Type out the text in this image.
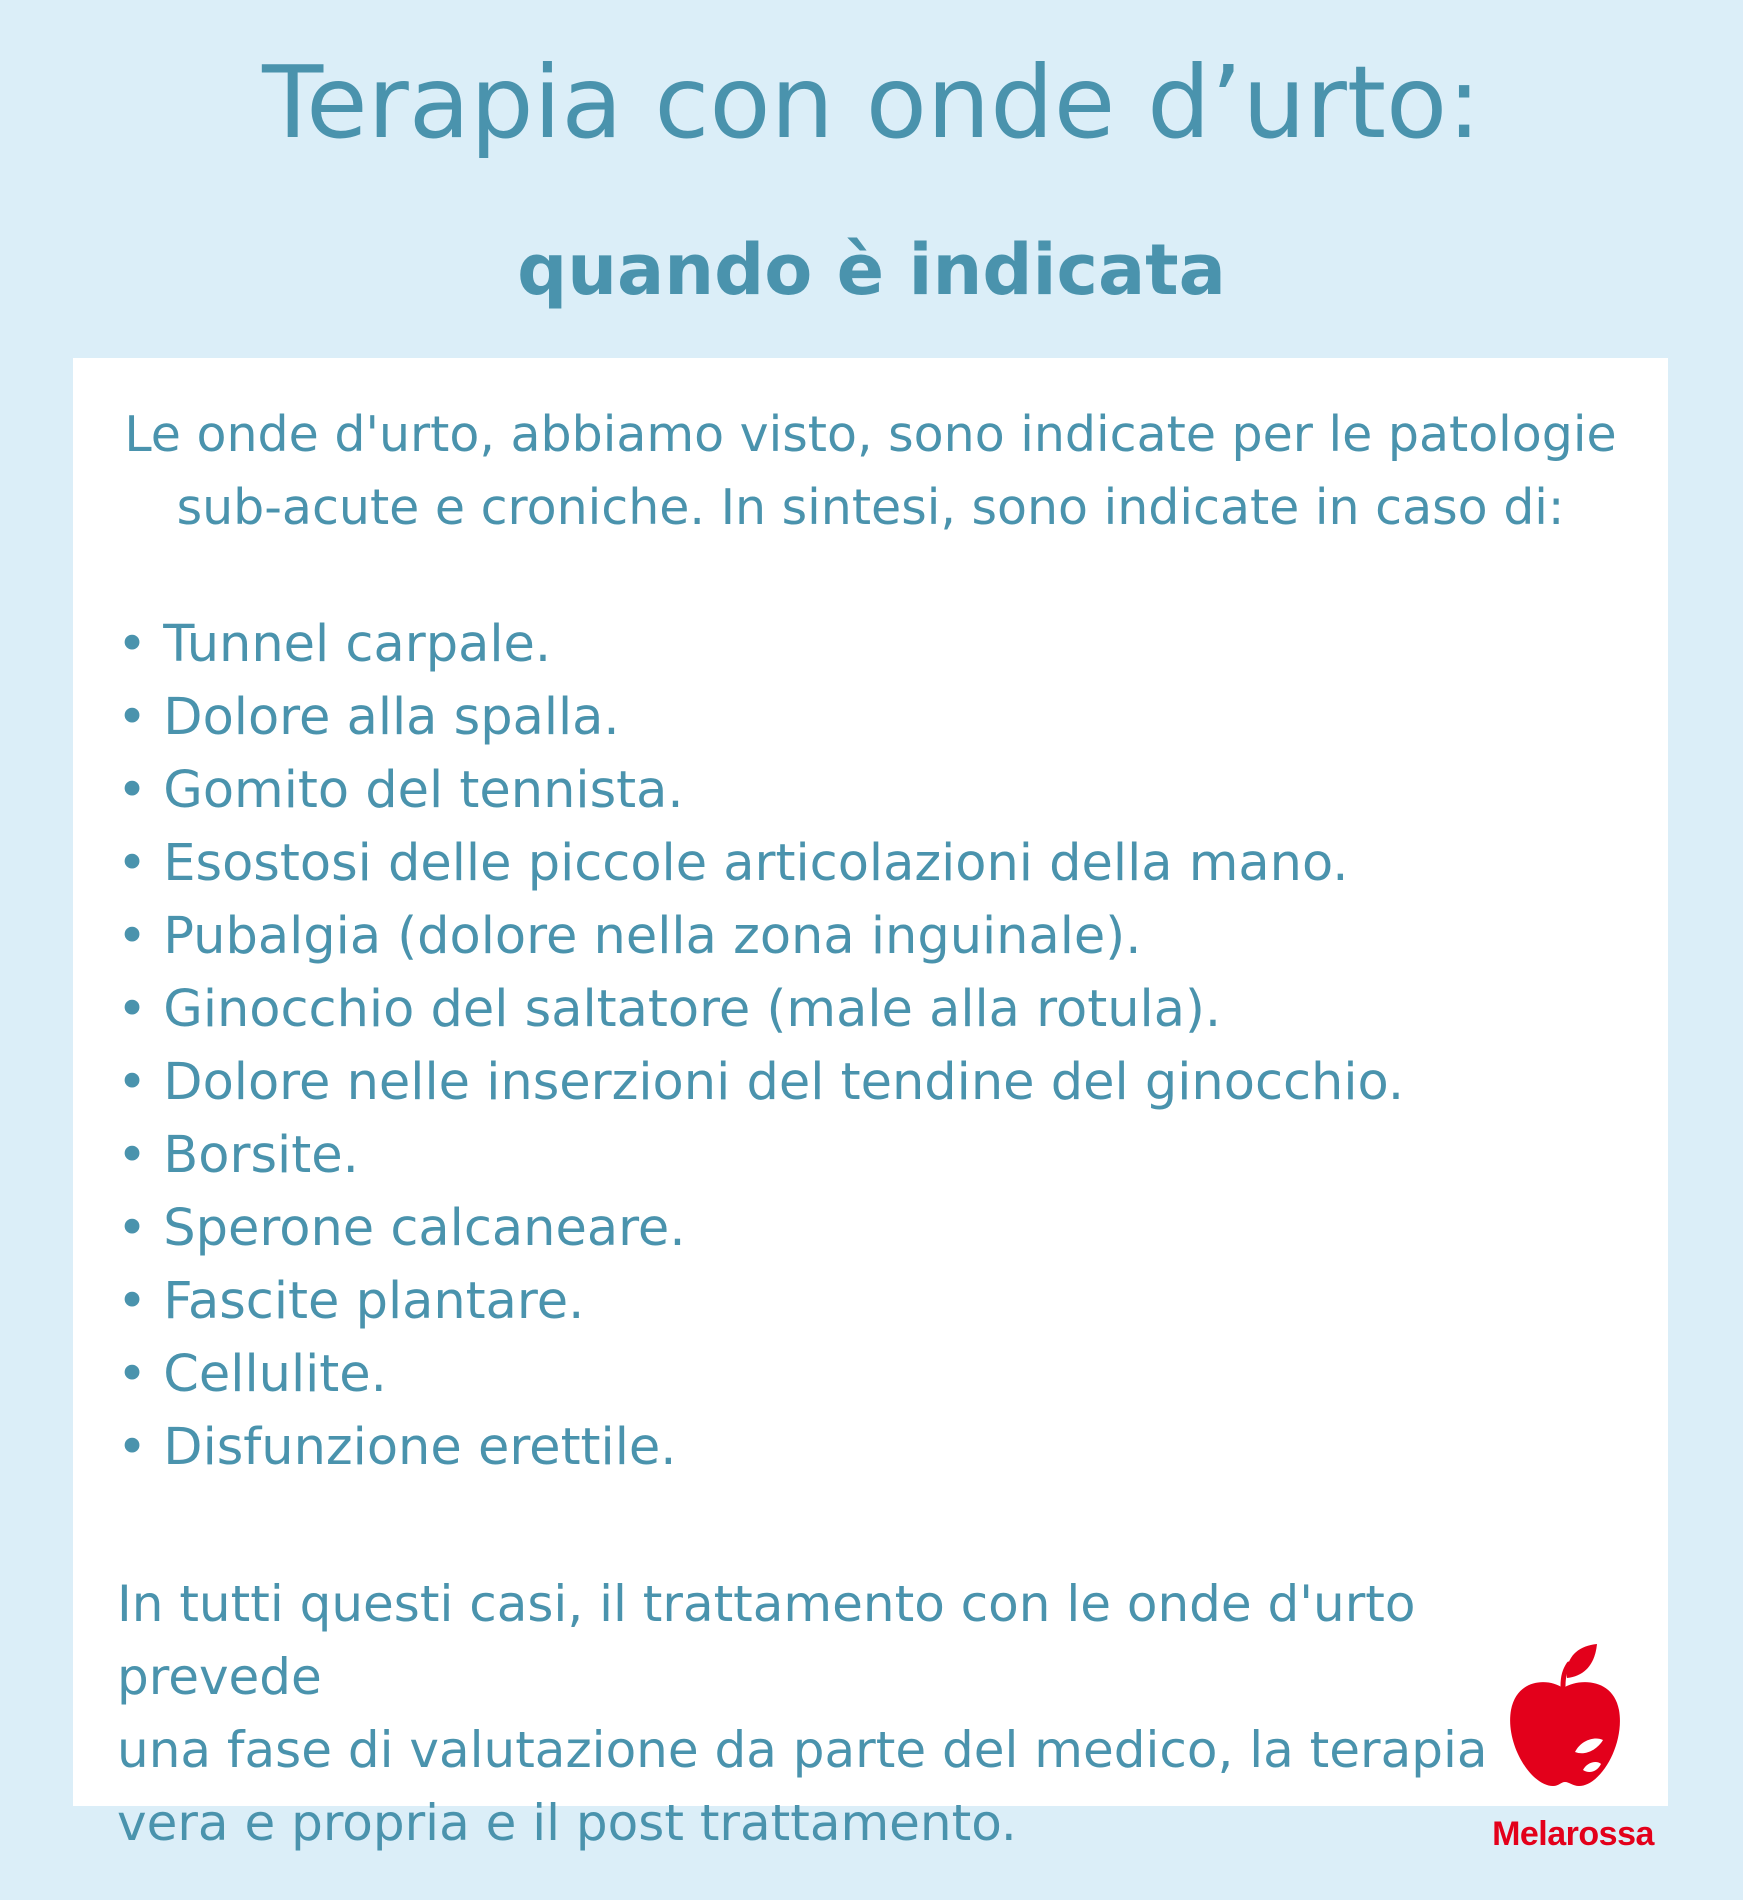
Terapia con onde d’urto:
quando è indicata

Le onde d'urto, abbiamo visto, sono indicate per le patologie
sub-acute e croniche. In sintesi, sono indicate in caso di:

• Tunnel carpale.
• Dolore alla spalla.
• Gomito del tennista.
• Esostosi delle piccole articolazioni della mano.
• Pubalgia (dolore nella zona inguinale).
• Ginocchio del saltatore (male alla rotula).
• Dolore nelle inserzioni del tendine del ginocchio.
• Borsite.
• Sperone calcaneare.
• Fascite plantare.
• Cellulite.
• Disfunzione erettile.

In tutti questi casi, il trattamento con le onde d'urto prevede
una fase di valutazione da parte del medico, la terapia
vera e propria e il post trattamento.	Melarossa
